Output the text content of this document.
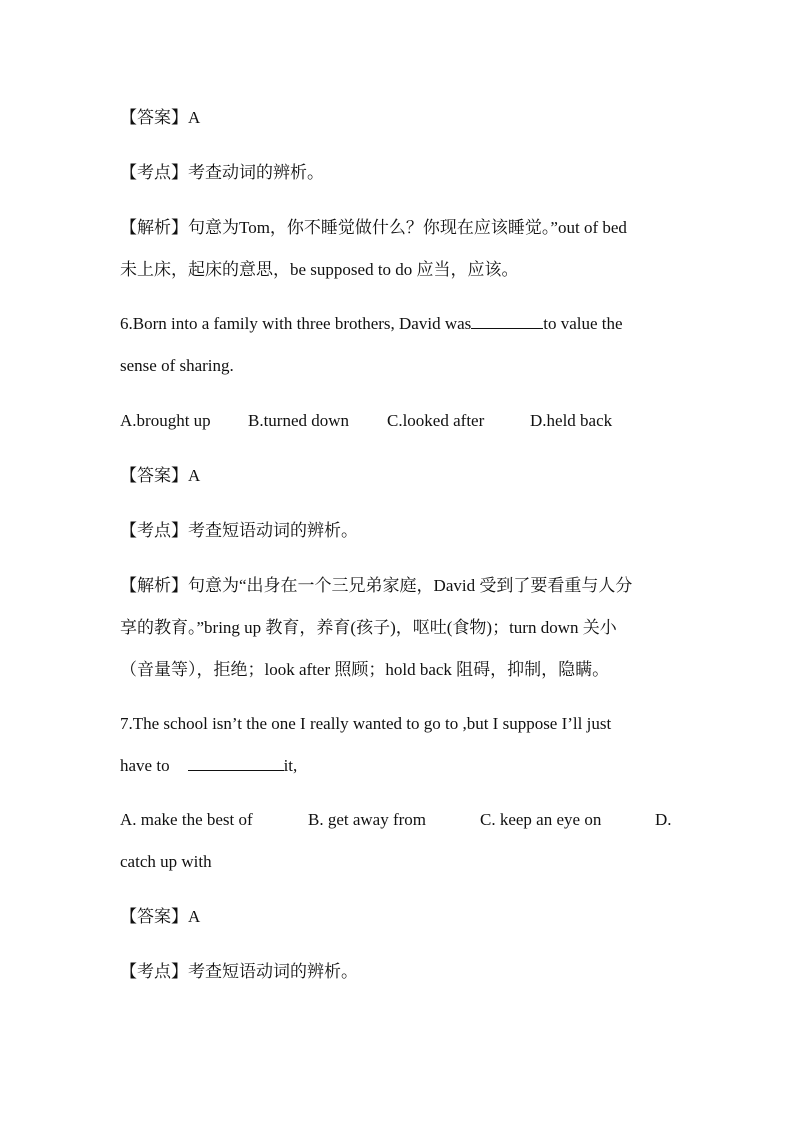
【答案】A
【考点】考查动词的辨析。
【解析】句意为Tom，你不睡觉做什么？你现在应该睡觉。”out of bed
未上床，起床的意思，be supposed to do 应当，应该。
6.Born into a family with three brothers, David was	to value the
sense of sharing.
A.brought up	B.turned down	C.looked after	D.held back
【答案】A
【考点】考查短语动词的辨析。
【解析】句意为“出身在一个三兄弟家庭，David 受到了要看重与人分
享的教育。”bring up 教育，养育(孩子)，呕吐(食物)；turn down 关小
（音量等），拒绝；look after 照顾；hold back 阻碍，抑制，隐瞒。
7.The school isn’t the one I really wanted to go to ,but I suppose I’ll just
have to	it,
A. make the best of	B. get away from	C. keep an eye on	D.
catch up with
【答案】A
【考点】考查短语动词的辨析。
